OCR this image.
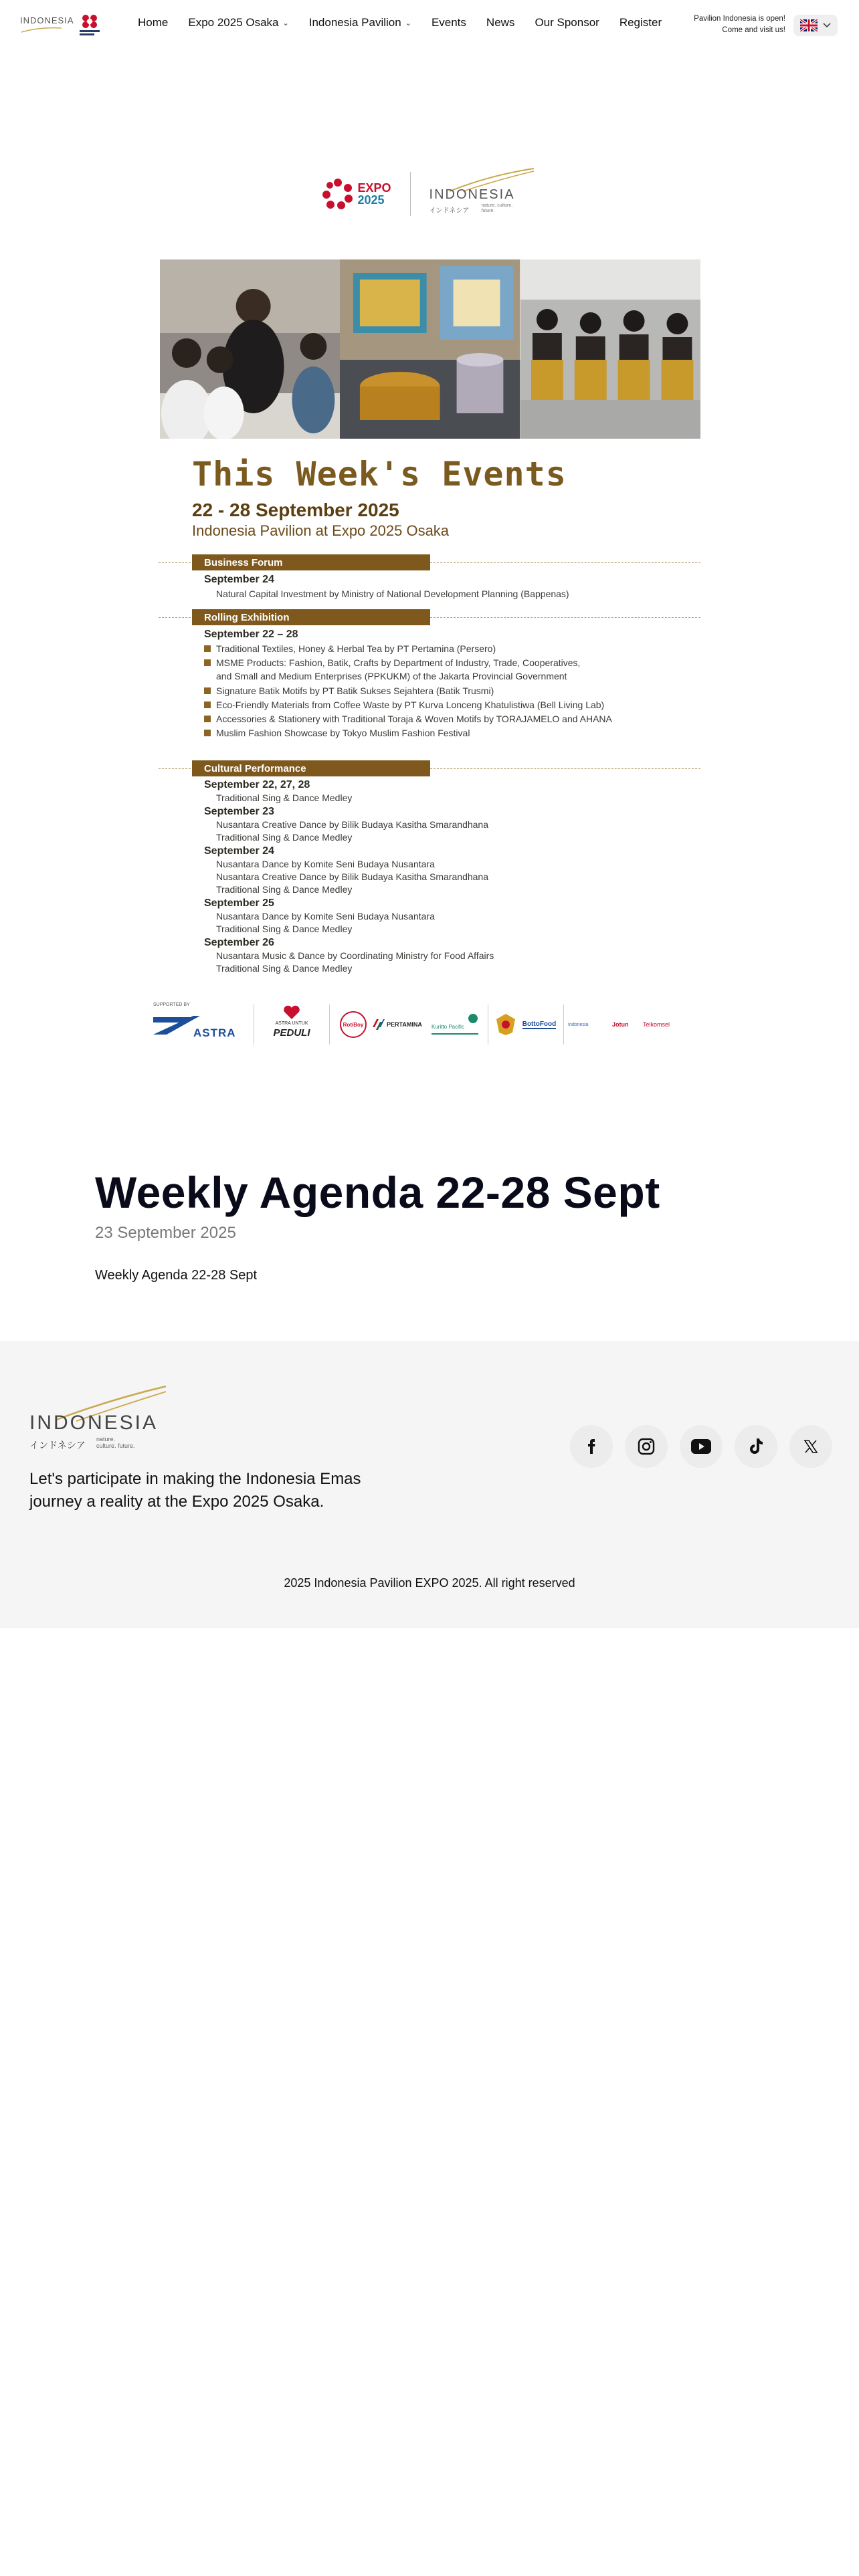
INDONESIA	Home Expo 2025 Osaka ⌄ Indonesia Pavilion ⌄ Events News Our Sponsor Register	Pavilion Indonesia is open!
Come and visit us!
EXPO
2025	INDONESIA
インドネシア
nature. culture. future.
This Week's Events
22 - 28 September 2025
Indonesia Pavilion at Expo 2025 Osaka
Business Forum
September 24
Natural Capital Investment by Ministry of National Development Planning (Bappenas)
Rolling Exhibition
September 22 – 28
Traditional Textiles, Honey & Herbal Tea by PT Pertamina (Persero)
MSME Products: Fashion, Batik, Crafts by Department of Industry, Trade, Cooperatives,
and Small and Medium Enterprises (PPKUKM) of the Jakarta Provincial Government
Signature Batik Motifs by PT Batik Sukses Sejahtera (Batik Trusmi)
Eco-Friendly Materials from Coffee Waste by PT Kurva Lonceng Khatulistiwa (Bell Living Lab)
Accessories & Stationery with Traditional Toraja & Woven Motifs by TORAJAMELO and AHANA
Muslim Fashion Showcase by Tokyo Muslim Fashion Festival
Cultural Performance
September 22, 27, 28
Traditional Sing & Dance Medley
September 23
Nusantara Creative Dance by Bilik Budaya Kasitha Smarandhana
Traditional Sing & Dance Medley
September 24
Nusantara Dance by Komite Seni Budaya Nusantara
Nusantara Creative Dance by Bilik Budaya Kasitha Smarandhana
Traditional Sing & Dance Medley
September 25
Nusantara Dance by Komite Seni Budaya Nusantara
Traditional Sing & Dance Medley
September 26
Nusantara Music & Dance by Coordinating Ministry for Food Affairs
Traditional Sing & Dance Medley
SUPPORTED BY
ASTRA
ASTRA UNTUK
PEDULI
RotiBoy	PERTAMINA Kuritto Pacific	BottoFood	Indonesia	Jotun Telkomsel
Weekly Agenda 22-28 Sept
23 September 2025
Weekly Agenda 22-28 Sept
INDONESIA
インドネシア
nature. culture. future.
Let's participate in making the Indonesia Emas journey a reality at the Expo 2025 Osaka.
2025 Indonesia Pavilion EXPO 2025. All right reserved
